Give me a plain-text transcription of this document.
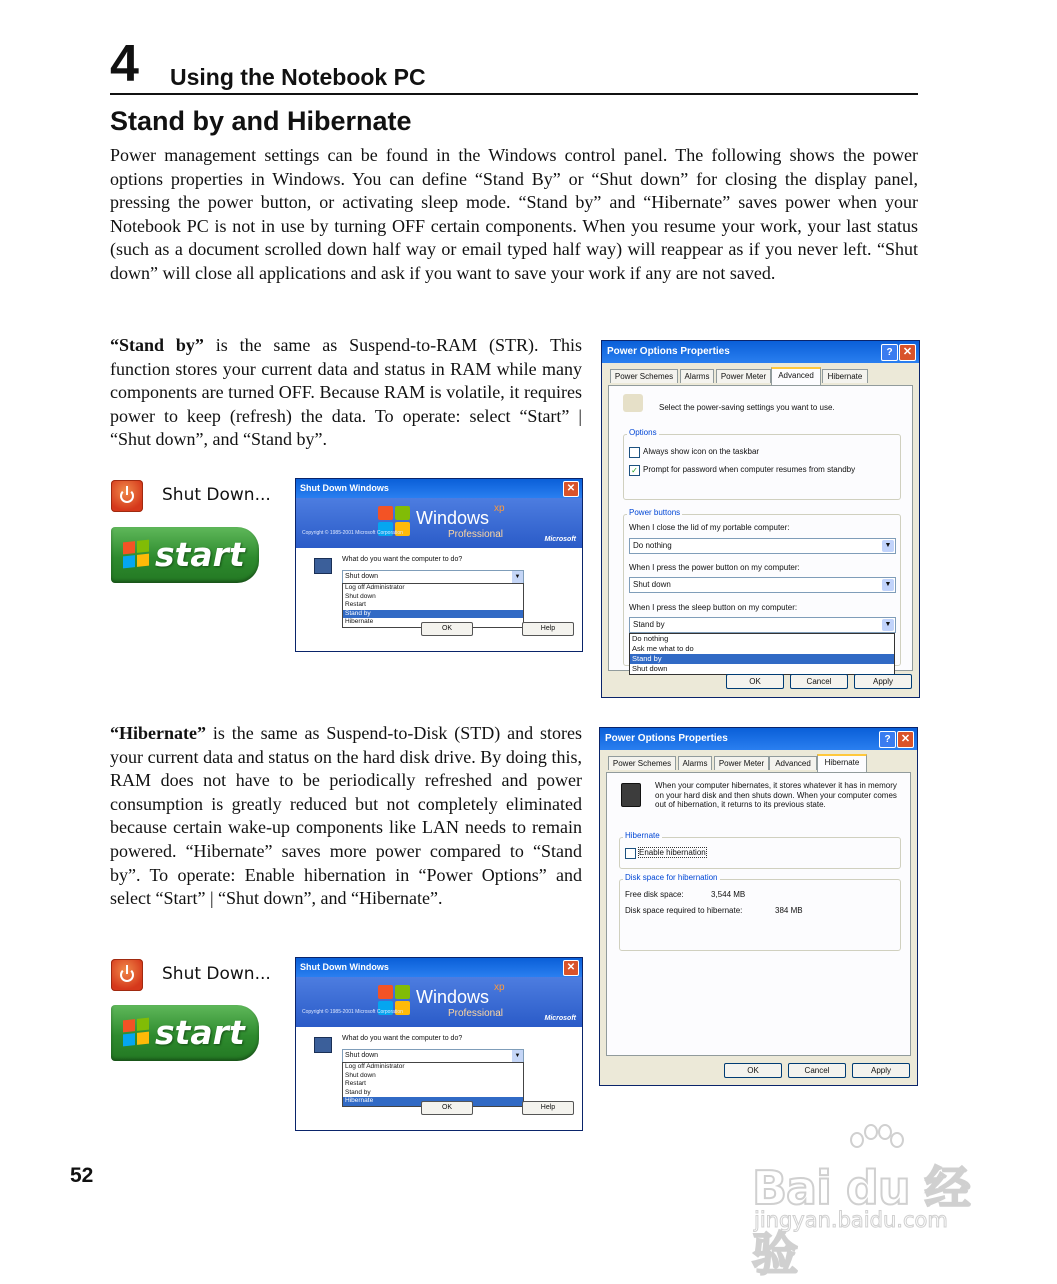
4 Using the Notebook PC
Stand by and Hibernate

Power management settings can be found in the Windows control panel. The following shows the power options properties in Windows. You can define “Stand By” or “Shut down” for closing the display panel, pressing the power button, or activating sleep mode. “Stand by” and “Hibernate” saves power when your Notebook PC is not in use by turning OFF certain components. When you resume your work, your last status (such as a document scrolled down half way or email typed half way) will reappear as if you never left. “Shut down” will close all applications and ask if you want to save your work if any are not saved.

“Stand by” is the same as Suspend-to-RAM (STR). This function stores your current data and status in RAM while many components are turned OFF. Because RAM is volatile, it requires power to keep (refresh) the data. To operate: select “Start” | “Shut down”, and “Stand by”.
“Hibernate” is the same as Suspend-to-Disk (STD) and stores your current data and status on the hard disk drive. By doing this, RAM does not have to be periodically refreshed and power consumption is greatly reduced but not completely eliminated because certain wake-up components like LAN needs to remain powered. “Hibernate” saves more power compared to “Stand by”. To operate: Enable hibernation in “Power Options” and select “Start” | “Shut down”, and “Hibernate”.
Shut Down...
start
Shut Down Windows	✕
Windows xp
Professional
Copyright © 1985-2001 Microsoft Corporation
Microsoft
What do you want the computer to do?
Shut down	▼
Log off Administrator
Shut down
Restart
Stand by
Hibernate
OK	Help
Shut Down...
start
Shut Down Windows	✕
Windows xp
Professional
Copyright © 1985-2001 Microsoft Corporation
Microsoft
What do you want the computer to do?
Shut down	▼
Log off Administrator
Shut down
Restart
Stand by
Hibernate
OK	Help
Power Options Properties	? ✕
Power Schemes	Alarms	Power Meter	Advanced	Hibernate
Select the power-saving settings you want to use.
Options
Always show icon on the taskbar
✓ Prompt for password when computer resumes from standby
Power buttons
When I close the lid of my portable computer:
Do nothing	▼
When I press the power button on my computer:
Shut down	▼
When I press the sleep button on my computer:
Stand by	▼
Do nothing
Ask me what to do
Stand by
Shut down
OK	Cancel	Apply
Power Options Properties	? ✕
Power Schemes	Alarms	Power Meter	Advanced	Hibernate
When your computer hibernates, it stores whatever it has in memory on your hard disk and then shuts down. When your computer comes out of hibernation, it returns to its previous state.
Hibernate
Enable hibernation
Disk space for hibernation
Free disk space:	3,544 MB
Disk space required to hibernate:	384 MB
OK	Cancel	Apply
52	Bai du 经验
jingyan.baidu.com
